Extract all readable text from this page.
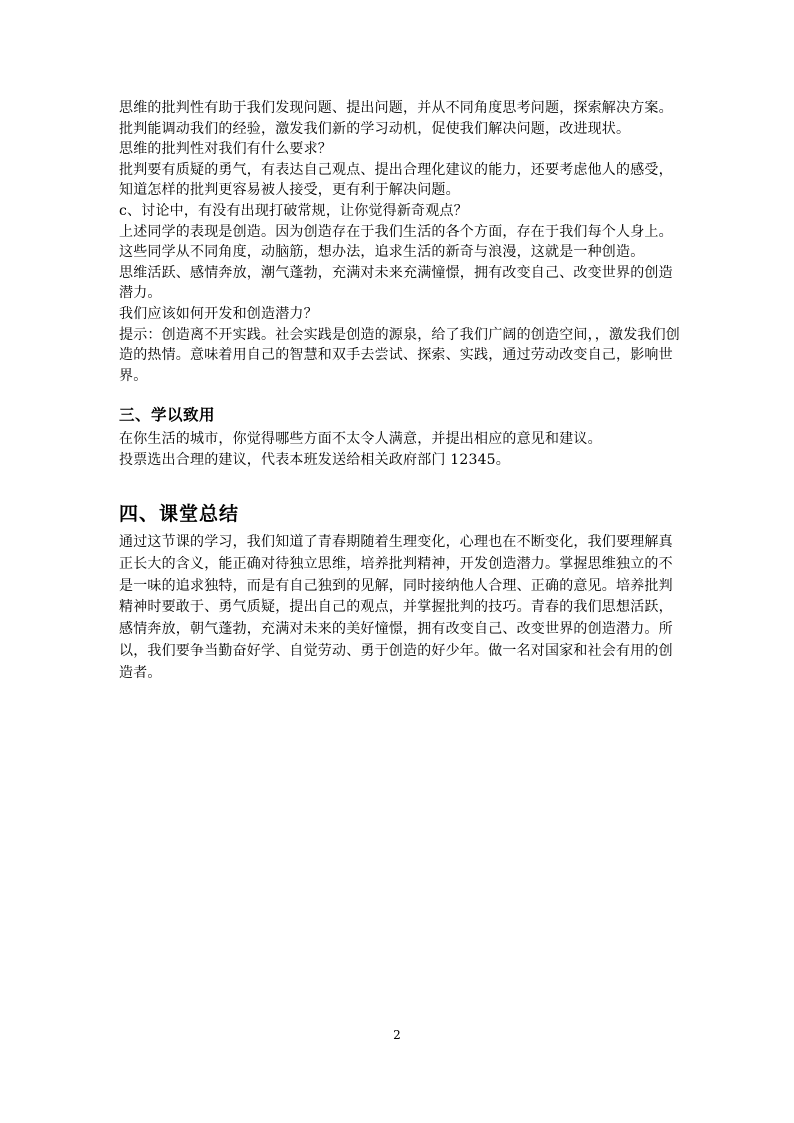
思维的批判性有助于我们发现问题、提出问题，并从不同角度思考问题，探索解决方案。
批判能调动我们的经验，激发我们新的学习动机，促使我们解决问题，改进现状。
思维的批判性对我们有什么要求？
批判要有质疑的勇气，有表达自己观点、提出合理化建议的能力，还要考虑他人的感受，
知道怎样的批判更容易被人接受，更有利于解决问题。
c、讨论中，有没有出现打破常规，让你觉得新奇观点？
上述同学的表现是创造。因为创造存在于我们生活的各个方面，存在于我们每个人身上。
这些同学从不同角度，动脑筋，想办法，追求生活的新奇与浪漫，这就是一种创造。
思维活跃、感情奔放，潮气蓬勃，充满对未来充满憧憬，拥有改变自己、改变世界的创造
潜力。
我们应该如何开发和创造潜力？
提示：创造离不开实践。社会实践是创造的源泉，给了我们广阔的创造空间，，激发我们创
造的热情。意味着用自己的智慧和双手去尝试、探索、实践，通过劳动改变自己，影响世
界。
三、学以致用
在你生活的城市，你觉得哪些方面不太令人满意，并提出相应的意见和建议。
投票选出合理的建议，代表本班发送给相关政府部门 12345。
四、课堂总结
通过这节课的学习，我们知道了青春期随着生理变化，心理也在不断变化，我们要理解真正长大的含义，能正确对待独立思维，培养批判精神，开发创造潜力。掌握思维独立的不是一味的追求独特，而是有自己独到的见解，同时接纳他人合理、正确的意见。培养批判精神时要敢于、勇气质疑，提出自己的观点，并掌握批判的技巧。青春的我们思想活跃，感情奔放，朝气蓬勃，充满对未来的美好憧憬，拥有改变自己、改变世界的创造潜力。所以，我们要争当勤奋好学、自觉劳动、勇于创造的好少年。做一名对国家和社会有用的创造者。
2
